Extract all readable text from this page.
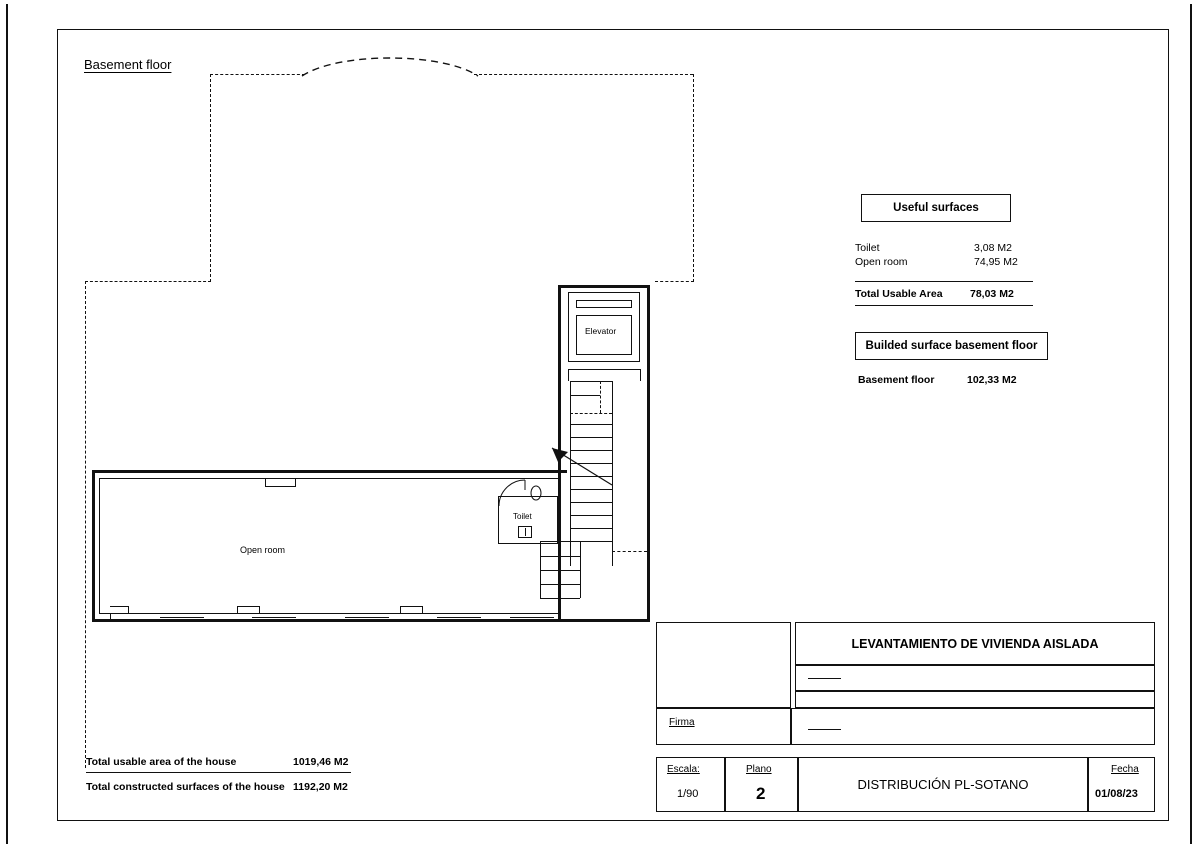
Basement floor
Open room
Elevator
Toilet
Useful surfaces
Toilet	3,08 M2
Open room	74,95 M2
Total Usable Area	78,03 M2
Builded surface basement floor
Basement floor	102,33 M2
Total usable area of the house	1019,46 M2
Total constructed surfaces of the house 1192,20 M2
LEVANTAMIENTO DE VIVIENDA AISLADA
Firma
Escala:
1/90
Plano
2	DISTRIBUCIÓN PL-SOTANO
Fecha
01/08/23
